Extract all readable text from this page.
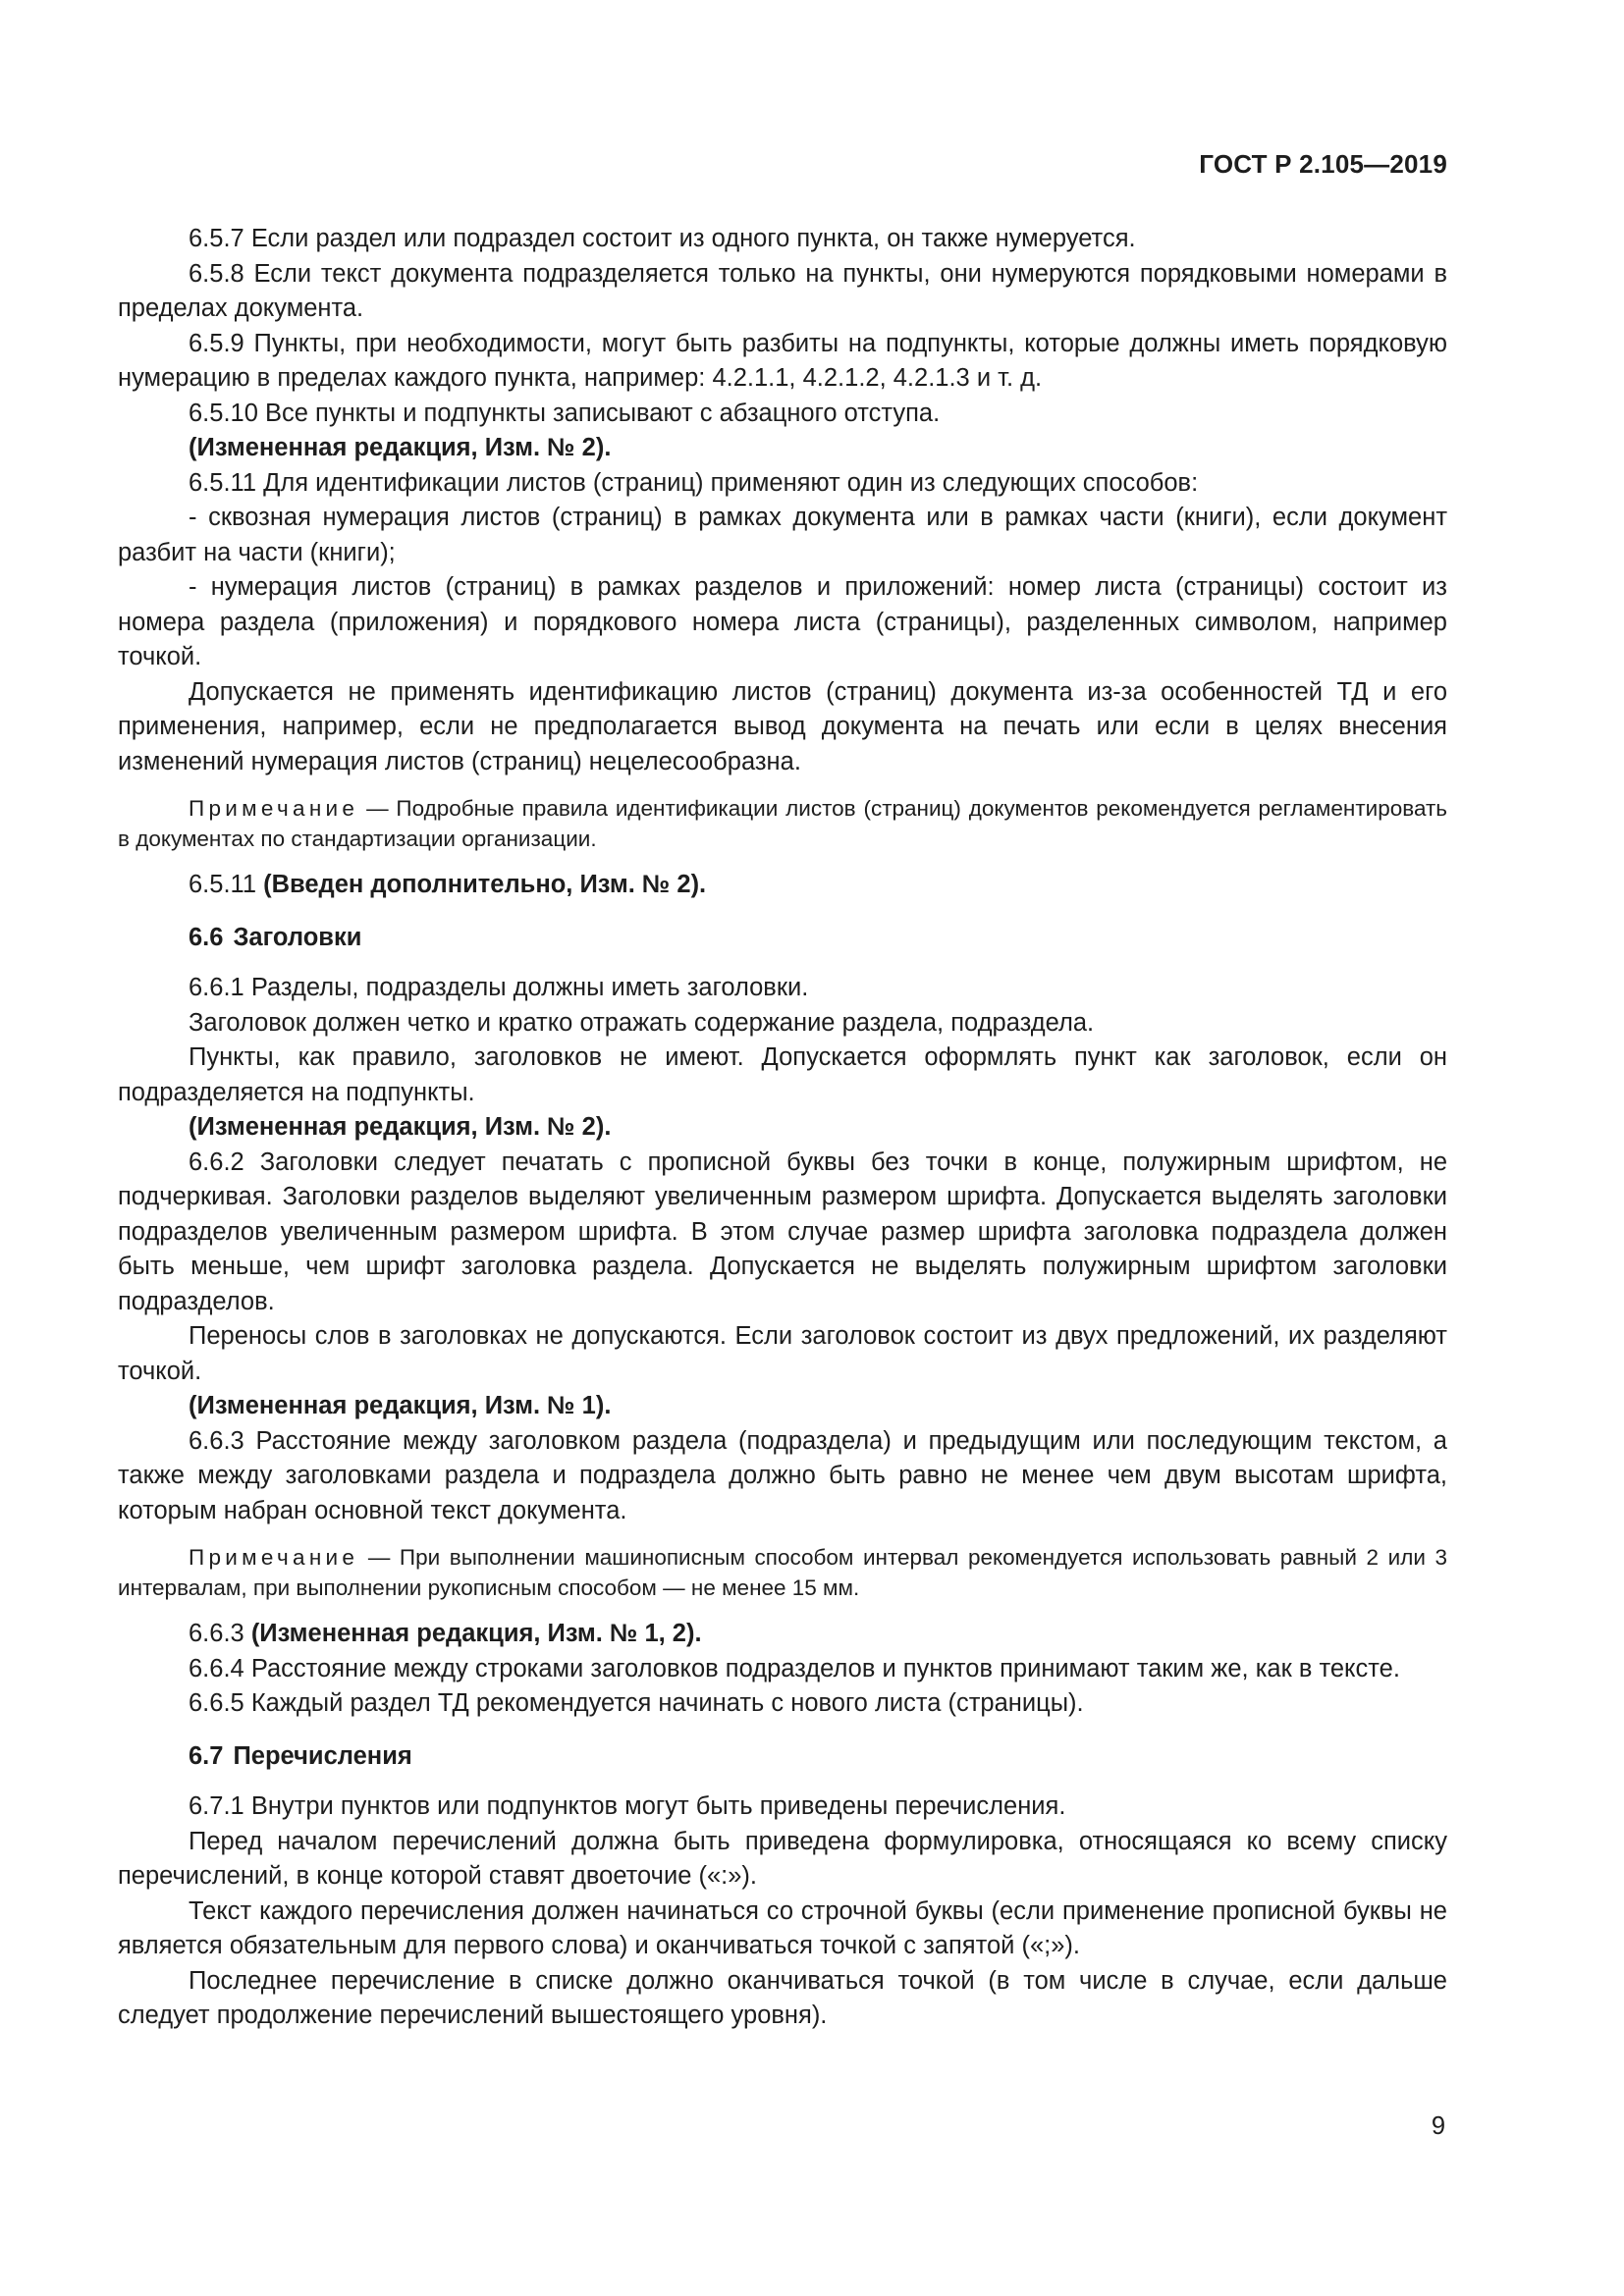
ГОСТ Р 2.105—2019

6.5.7 Если раздел или подраздел состоит из одного пункта, он также нумеруется.

6.5.8 Если текст документа подразделяется только на пункты, они нумеруются порядковыми номерами в пределах документа.

6.5.9 Пункты, при необходимости, могут быть разбиты на подпункты, которые должны иметь порядковую нумерацию в пределах каждого пункта, например: 4.2.1.1, 4.2.1.2, 4.2.1.3 и т. д.

6.5.10 Все пункты и подпункты записывают с абзацного отступа.

(Измененная редакция, Изм. № 2).

6.5.11 Для идентификации листов (страниц) применяют один из следующих способов:

- сквозная нумерация листов (страниц) в рамках документа или в рамках части (книги), если документ разбит на части (книги);

- нумерация листов (страниц) в рамках разделов и приложений: номер листа (страницы) состоит из номера раздела (приложения) и порядкового номера листа (страницы), разделенных символом, например точкой.

Допускается не применять идентификацию листов (страниц) документа из-за особенностей ТД и его применения, например, если не предполагается вывод документа на печать или если в целях внесения изменений нумерация листов (страниц) нецелесообразна.

Примечание — Подробные правила идентификации листов (страниц) документов рекомендуется регламентировать в документах по стандартизации организации.

6.5.11 (Введен дополнительно, Изм. № 2).

6.6 Заголовки

6.6.1 Разделы, подразделы должны иметь заголовки.

Заголовок должен четко и кратко отражать содержание раздела, подраздела.

Пункты, как правило, заголовков не имеют. Допускается оформлять пункт как заголовок, если он подразделяется на подпункты.

(Измененная редакция, Изм. № 2).

6.6.2 Заголовки следует печатать с прописной буквы без точки в конце, полужирным шрифтом, не подчеркивая. Заголовки разделов выделяют увеличенным размером шрифта. Допускается выделять заголовки подразделов увеличенным размером шрифта. В этом случае размер шрифта заголовка подраздела должен быть меньше, чем шрифт заголовка раздела. Допускается не выделять полужирным шрифтом заголовки подразделов.

Переносы слов в заголовках не допускаются. Если заголовок состоит из двух предложений, их разделяют точкой.

(Измененная редакция, Изм. № 1).

6.6.3 Расстояние между заголовком раздела (подраздела) и предыдущим или последующим текстом, а также между заголовками раздела и подраздела должно быть равно не менее чем двум высотам шрифта, которым набран основной текст документа.

Примечание — При выполнении машинописным способом интервал рекомендуется использовать равный 2 или 3 интервалам, при выполнении рукописным способом — не менее 15 мм.

6.6.3 (Измененная редакция, Изм. № 1, 2).

6.6.4 Расстояние между строками заголовков подразделов и пунктов принимают таким же, как в тексте.

6.6.5 Каждый раздел ТД рекомендуется начинать с нового листа (страницы).

6.7 Перечисления

6.7.1 Внутри пунктов или подпунктов могут быть приведены перечисления.

Перед началом перечислений должна быть приведена формулировка, относящаяся ко всему списку перечислений, в конце которой ставят двоеточие («:»).

Текст каждого перечисления должен начинаться со строчной буквы (если применение прописной буквы не является обязательным для первого слова) и оканчиваться точкой с запятой («;»).

Последнее перечисление в списке должно оканчиваться точкой (в том числе в случае, если дальше следует продолжение перечислений вышестоящего уровня).

9
